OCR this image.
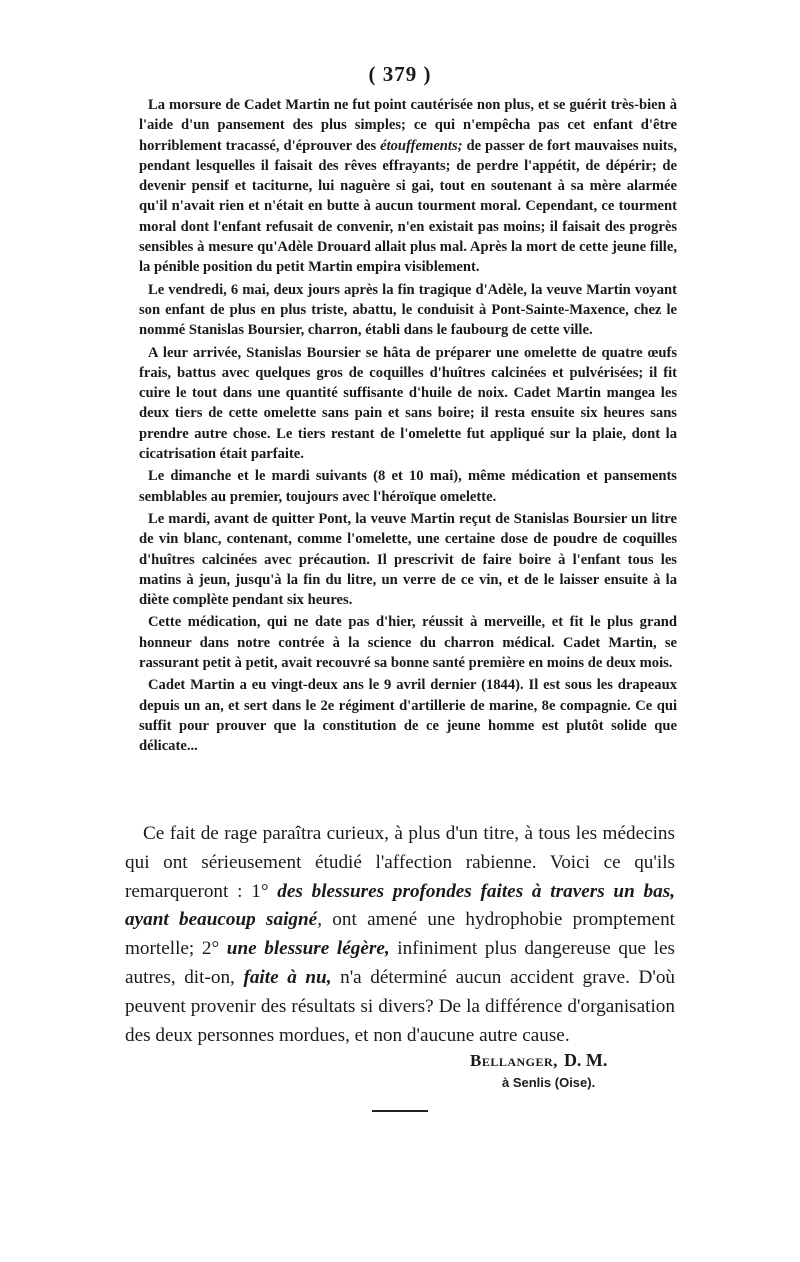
( 379 )

La morsure de Cadet Martin ne fut point cautérisée non plus, et se guérit très-bien à l'aide d'un pansement des plus simples; ce qui n'empêcha pas cet enfant d'être horriblement tracassé, d'éprouver des étouffements; de passer de fort mauvaises nuits, pendant lesquelles il faisait des rêves effrayants; de perdre l'appétit, de dépérir; de devenir pensif et taciturne, lui naguère si gai, tout en soutenant à sa mère alarmée qu'il n'avait rien et n'était en butte à aucun tourment moral. Cependant, ce tourment moral dont l'enfant refusait de convenir, n'en existait pas moins; il faisait des progrès sensibles à mesure qu'Adèle Drouard allait plus mal. Après la mort de cette jeune fille, la pénible position du petit Martin empira visiblement.

Le vendredi, 6 mai, deux jours après la fin tragique d'Adèle, la veuve Martin voyant son enfant de plus en plus triste, abattu, le conduisit à Pont-Sainte-Maxence, chez le nommé Stanislas Boursier, charron, établi dans le faubourg de cette ville.

A leur arrivée, Stanislas Boursier se hâta de préparer une omelette de quatre œufs frais, battus avec quelques gros de coquilles d'huîtres calcinées et pulvérisées; il fit cuire le tout dans une quantité suffisante d'huile de noix. Cadet Martin mangea les deux tiers de cette omelette sans pain et sans boire; il resta ensuite six heures sans prendre autre chose. Le tiers restant de l'omelette fut appliqué sur la plaie, dont la cicatrisation était parfaite.

Le dimanche et le mardi suivants (8 et 10 mai), même médication et pansements semblables au premier, toujours avec l'héroïque omelette.

Le mardi, avant de quitter Pont, la veuve Martin reçut de Stanislas Boursier un litre de vin blanc, contenant, comme l'omelette, une certaine dose de poudre de coquilles d'huîtres calcinées avec précaution. Il prescrivit de faire boire à l'enfant tous les matins à jeun, jusqu'à la fin du litre, un verre de ce vin, et de le laisser ensuite à la diète complète pendant six heures.

Cette médication, qui ne date pas d'hier, réussit à merveille, et fit le plus grand honneur dans notre contrée à la science du charron médical. Cadet Martin, se rassurant petit à petit, avait recouvré sa bonne santé première en moins de deux mois.

Cadet Martin a eu vingt-deux ans le 9 avril dernier (1844). Il est sous les drapeaux depuis un an, et sert dans le 2e régiment d'artillerie de marine, 8e compagnie. Ce qui suffit pour prouver que la constitution de ce jeune homme est plutôt solide que délicate...

Ce fait de rage paraîtra curieux, à plus d'un titre, à tous les médecins qui ont sérieusement étudié l'affection rabienne. Voici ce qu'ils remarqueront : 1° des blessures profondes faites à travers un bas, ayant beaucoup saigné, ont amené une hydrophobie promptement mortelle; 2° une blessure légère, infiniment plus dangereuse que les autres, dit-on, faite à nu, n'a déterminé aucun accident grave. D'où peuvent provenir des résultats si divers? De la différence d'organisation des deux personnes mordues, et non d'aucune autre cause.

Bellanger, D. M.
à Senlis (Oise).
